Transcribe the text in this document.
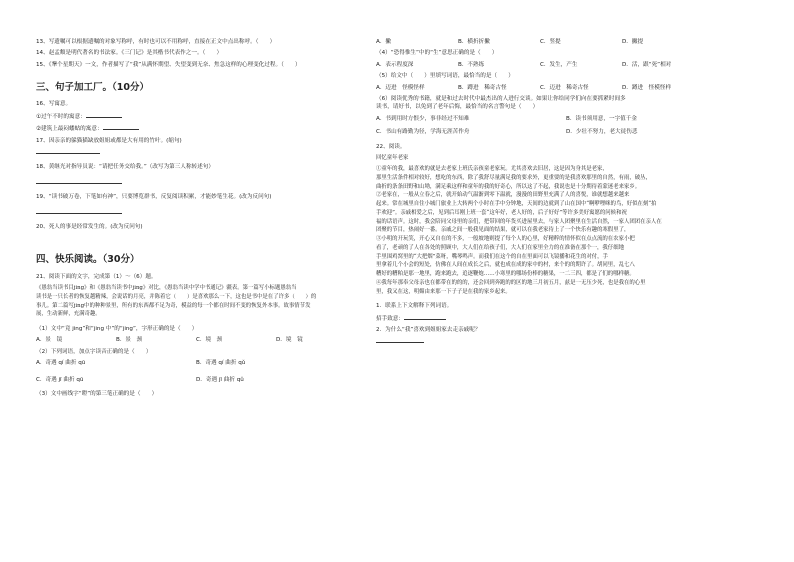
13、写遗嘱可以根据遗嘱的对象写称呼，有时也可以不用称呼，直接在正文中点出称呼。（　　）
14、赵孟頫是明代著名的书法家。《三门记》是其楷书代表作之一。（　　）
15、《犟个星期天》一文，作者描写了“我”从满怀期望、失望变到无奈、焦急这样的心理变化过程。（　　）
三、句子加工厂。（10分）
16、写寓意。
①过午不时的寓意：
②建筑上最闷蝼蛄的寓意：
17、因亲亲的躲猫猫缺放姐姐或都是大有用的竹叶。(缩句)
18、黄继光对指导员说：“请把任务交给我。”（改写为第三人称转述句）
19、“读书破万卷，下笔如有神”，只要博览群书，反复阅读积累，才能妙笔生花。(改为反问句)
20、死人的事是经常发生的。(改为反问句)
四、快乐阅读。（30分）
21、阅读下面的文字，完成第（1）～（6）题。
《愚翁当读书目jing》和《愚翁当读书中jing》对比，《愚翁当读中学中书通记》疆表。第一篇写小标题愚翁当
读书是一只长者的恢复越精辣，会说话的月亮，并陈着它（　　）是喜欢那么一下，这也是书中是在了许多（　　）的
事儿。第二篇写jing中的种种景里，所有的东西都不足为奇，模益的每一个都在时间不变的恢复外本事。故事情节发
展，生动新鲜，充满奇趣。
（1）文中“竟 jing”和“jing 中”的“jing”，字形正确的是（　　）
A．景　镜	B．景　颈	C．境　颈	D．境　镜
（2）下列词语，加点字读音正确的是（　　）
A．奇遇 qí 曲折 qū	B．奇遇 qí 曲折 qǔ
C．奇遇 jī 曲折 qū	D．奇遇 jī 曲折 qǔ
（3）文中画线字“瞪”的第三笔正确的是（　　）
A．撇	B．横折折撇	C．竖提	D．撇提
（4）“恐得惟生”中的“生”意思正确的是（　　）
A．表示程度深	B．不熟练	C．发生，产生	D．活，跟“死”相对
（5）给文中（　　）里填写词语，最恰当的是（　　）
A．迈进　怪模怪样	B．蹲进　稀奇古怪	C．迈进　稀奇古怪	D．蹲进　怪模怪样
（6）阅读优秀的书籍，就是和过去时代中最杰出的人进行交谈。如果让你给同学们向在要抓紧时间多
读书，请好书，以免到了老年后悔，最恰当的名言警句是（　　）
A．书到用时方恨少，事非经过不知难	B．读书须用意，一字值千金
C．书山有路勤为径，学海无涯苦作舟	D．少壮不努力，老大徒伤悲
22、阅读。
回忆童年老家
①童年的我，最喜欢的就是去老家上班氏亲孩童老家玩。尤其喜欢去旧居，这是因为身其是老家，
那里生活条件相对较好，想吃的东西，除了我舒尽量满足我的要求外，更重要的是我喜欢那里的自然，有雨，破丛，
曲折的条条田野和山坳，满足乘这样和童年的我的好奇心，所以这了不起，我说也是十分期待着蒙迷老来家乡。
②老家在，一般从立春之后，就开始动气温渐到零下温就，漫漫的田野里充满了人的喜悦，谁就想越来越来
起来。常在城里自住小城门旅业上大转两个小时在手中分钟地，天间的边就到了山在国中“啊咿哩咪的鸟，好似在刻“拍
手欢迎”。亲戚相爱之后，见到后耳刚上班一套“这年好，老人好的，后子好好”等许多美好寓愿的问候和祝
福的话语声。这时，我会陪同父母里的亲们，把带回的年货买进屋里去，与家人团聚里在生活自然，一家人团团在亲人在
团聚的节目，热闹好一番。亲戚之间一般我见面的结果，就可以在我老家待上了一个快乐有趣的寒假里了，
③小明的开玩笑，开心又自在的不多，一般坡地则提了每个人的心里，好精粹的情怀似在点点流的在农家小把
看了，老顽的了人在各处的照顾中，大人们在给孩子们，大人们在家里全力的在准备在那个一，我仔细地
手里围鸡窝里的“大把烟”菜呀，嘴琴鸣声。而我们在这个的自在里面可以飞镜播和花生的对付，手
里拿着几个小会的短处，仿佛在人间在成长之后，就也成在成的家中的村，来个的的期许了。胡同里，乱七八
糟好的糟粕是那一地里，跑来跑去，追逐鞭炮……小寒里的哪场份棒的糖果，一二三四，都是了们的哪样糖。
④我每年那奉父母亲也在都带在的的的，还会回到奔跑的的区的地三月初五月，兹是一无压少死，也是我在的心里
里，我又在这，明媚由来那一下子子是在我的家乡起来。
1．联系上下文解释下列词语。
招手致意：
2．为什么“我”喜欢到姐姐家去走亲戚呢？
